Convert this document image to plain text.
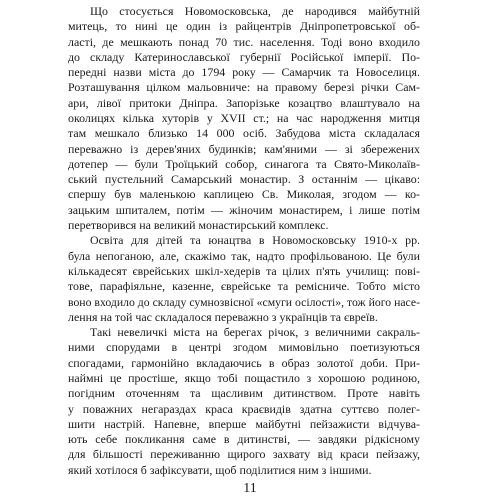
Що стосується Новомосковська, де народився майбутній
митець, то нині це один із райцентрів Дніпропетровської об-
ласті, де мешкають понад 70 тис. населення. Тоді воно входило
до складу Катеринославської губернії Російської імперії. По-
передні назви міста до 1794 року — Самарчик та Новоселиця.
Розташування цілком мальовниче: на правому березі річки Сам-
ари, лівої притоки Дніпра. Запорізьке козацтво влаштувало на
околицях кілька хуторів у XVII ст.; на час народження митця
там мешкало близько 14 000 осіб. Забудова міста складалася
переважно із дерев'яних будинків; кам'яними — зі збережених
дотепер — були Троїцький собор, синагога та Свято-Миколаїв-
ський пустельний Самарський монастир. З останнім — цікаво:
спершу був маленькою каплицею Св. Миколая, згодом — ко-
зацьким шпиталем, потім — жіночим монастирем, і лише потім
перетворився на великий монастирський комплекс.
Освіта для дітей та юнацтва в Новомосковську 1910-х рр.
була непоганою, але, скажімо так, надто профільованою. Це були
кількадесят єврейських шкіл-хедерів та цілих п'ять училищ: пові-
тове, парафіяльне, казенне, єврейське та ремісниче. Тобто місто
воно входило до складу сумнозвісної «смуги осілості», тож його насе-
лення на той час складалося переважно з українців та євреїв.
Такі невеличкі міста на берегах річок, з величними сакраль-
ними спорудами в центрі згодом мимовільно поетизуються
спогадами, гармонійно вкладаючись в образ золотої доби. При-
наймні це простіше, якщо тобі пощастило з хорошою родиною,
погідним оточенням та щасливим дитинством. Проте навіть
у поважних негараздах краса краєвидів здатна суттєво полег-
шити настрій. Напевне, вперше майбутні пейзажисти відчува-
ють себе покликання саме в дитинстві, — завдяки рідкісному
для більшості переживанню щирого захвату від краси пейзажу,
який хотілося б зафіксувати, щоб поділитися ним з іншими.
11
